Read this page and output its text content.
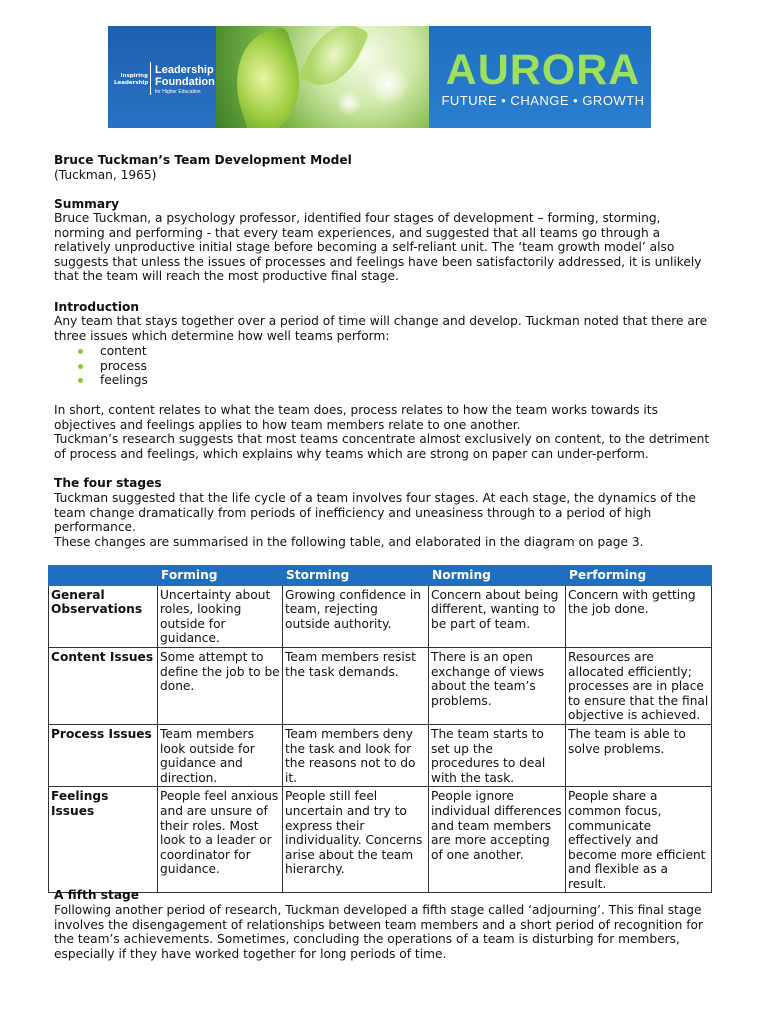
Inspiring Leadership
Leadership Foundation
for Higher Education	AURORA
FUTURE • CHANGE • GROWTH
Bruce Tuckman’s Team Development Model
(Tuckman, 1965)
Summary
Bruce Tuckman, a psychology professor, identified four stages of development – forming, storming, norming and performing - that every team experiences, and suggested that all teams go through a relatively unproductive initial stage before becoming a self-reliant unit. The ‘team growth model’ also suggests that unless the issues of processes and feelings have been satisfactorily addressed, it is unlikely that the team will reach the most productive final stage.
Introduction
Any team that stays together over a period of time will change and develop. Tuckman noted that there are three issues which determine how well teams perform:
content
process
feelings
In short, content relates to what the team does, process relates to how the team works towards its objectives and feelings applies to how team members relate to one another.
Tuckman’s research suggests that most teams concentrate almost exclusively on content, to the detriment of process and feelings, which explains why teams which are strong on paper can under-perform.
The four stages
Tuckman suggested that the life cycle of a team involves four stages. At each stage, the dynamics of the team change dramatically from periods of inefficiency and uneasiness through to a period of high performance.
These changes are summarised in the following table, and elaborated in the diagram on page 3.
	Forming	Storming	Norming	Performing
General Observations	Uncertainty about roles, looking outside for guidance.	Growing confidence in team, rejecting outside authority.	Concern about being different, wanting to be part of team.	Concern with getting the job done.
Content Issues	Some attempt to define the job to be done.	Team members resist the task demands.	There is an open exchange of views about the team’s problems.	Resources are allocated efficiently; processes are in place to ensure that the final objective is achieved.
Process Issues	Team members look outside for guidance and direction.	Team members deny the task and look for the reasons not to do it.	The team starts to set up the procedures to deal with the task.	The team is able to solve problems.
Feelings Issues	People feel anxious and are unsure of their roles. Most look to a leader or coordinator for guidance.	People still feel uncertain and try to express their individuality. Concerns arise about the team hierarchy.	People ignore individual differences and team members are more accepting of one another.	People share a common focus, communicate effectively and become more efficient and flexible as a result.
A fifth stage
Following another period of research, Tuckman developed a fifth stage called ‘adjourning’. This final stage involves the disengagement of relationships between team members and a short period of recognition for the team’s achievements. Sometimes, concluding the operations of a team is disturbing for members, especially if they have worked together for long periods of time.
